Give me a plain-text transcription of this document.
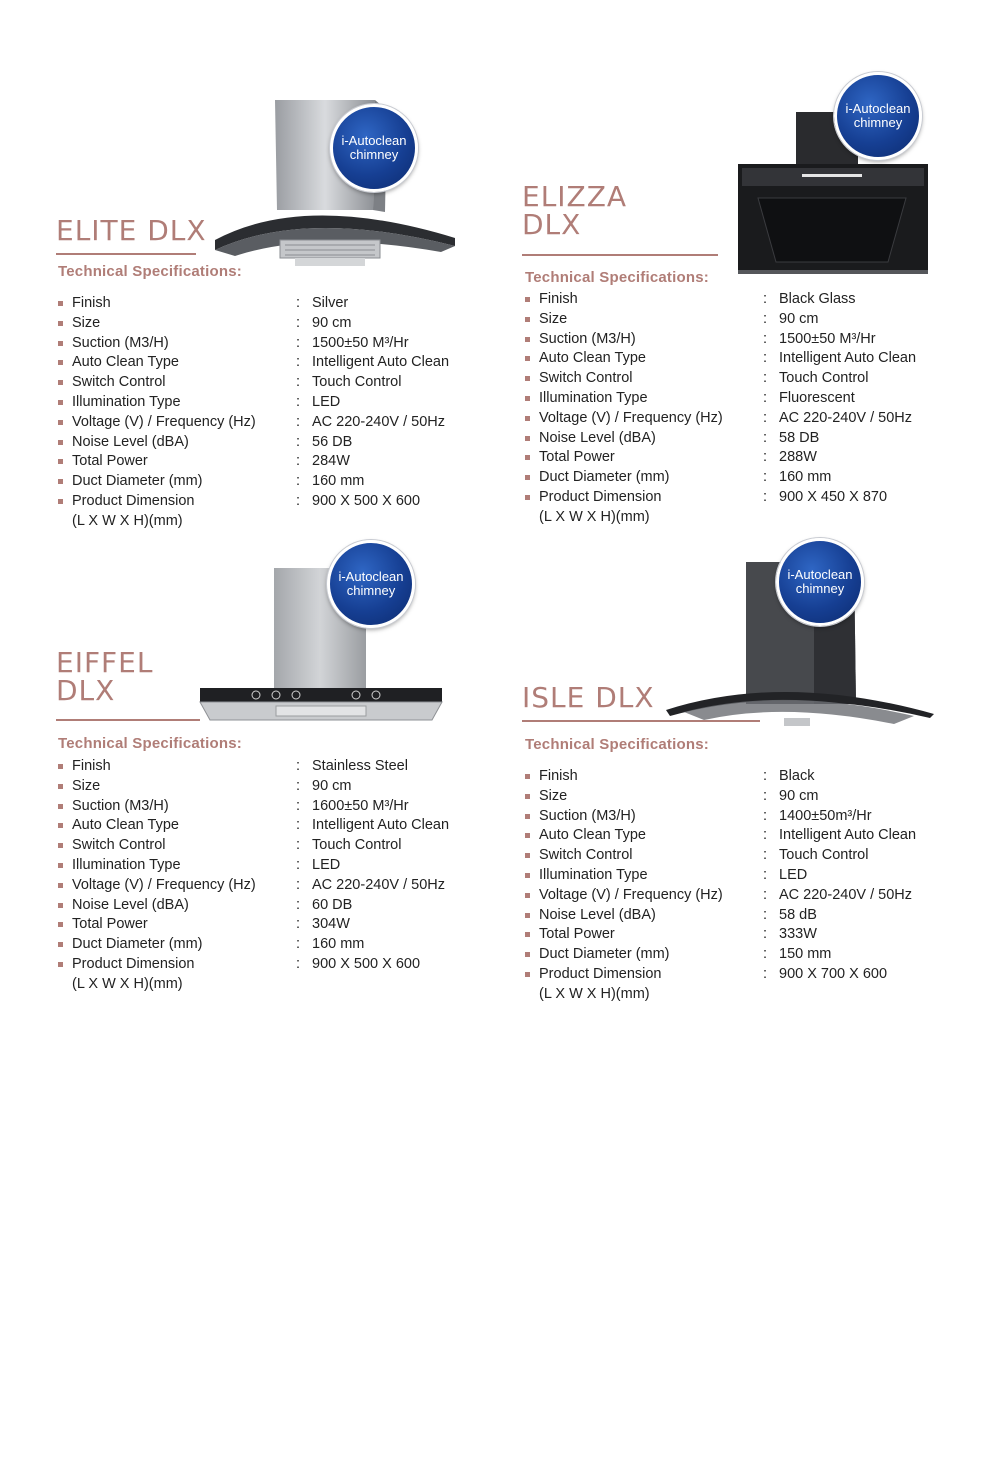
i-Autoclean
chimney
ELITE DLX
Technical Specifications:
Finish	: Silver
Size	: 90 cm
Suction (M3/H)	: 1500±50 M³/Hr
Auto Clean Type	: Intelligent Auto Clean
Switch Control	: Touch Control
Illumination Type	: LED
Voltage (V) / Frequency (Hz)	: AC 220-240V / 50Hz
Noise Level (dBA)	: 56 DB
Total Power	: 284W
Duct Diameter (mm)	: 160 mm
Product Dimension	: 900 X 500 X 600
(L X W X H)(mm)
i-Autoclean
chimney
ELIZZA
DLX
Technical Specifications:
Finish	: Black Glass
Size	: 90 cm
Suction (M3/H)	: 1500±50 M³/Hr
Auto Clean Type	: Intelligent Auto Clean
Switch Control	: Touch Control
Illumination Type	: Fluorescent
Voltage (V) / Frequency (Hz)	: AC 220-240V / 50Hz
Noise Level (dBA)	: 58 DB
Total Power	: 288W
Duct Diameter (mm)	: 160 mm
Product Dimension	: 900 X 450 X 870
(L X W X H)(mm)
i-Autoclean
chimney
EIFFEL
DLX
Technical Specifications:
Finish	: Stainless Steel
Size	: 90 cm
Suction (M3/H)	: 1600±50 M³/Hr
Auto Clean Type	: Intelligent Auto Clean
Switch Control	: Touch Control
Illumination Type	: LED
Voltage (V) / Frequency (Hz)	: AC 220-240V / 50Hz
Noise Level (dBA)	: 60 DB
Total Power	: 304W
Duct Diameter (mm)	: 160 mm
Product Dimension	: 900 X 500 X 600
(L X W X H)(mm)
i-Autoclean
chimney
ISLE DLX
Technical Specifications:
Finish	: Black
Size	: 90 cm
Suction (M3/H)	: 1400±50m³/Hr
Auto Clean Type	: Intelligent Auto Clean
Switch Control	: Touch Control
Illumination Type	: LED
Voltage (V) / Frequency (Hz)	: AC 220-240V / 50Hz
Noise Level (dBA)	: 58 dB
Total Power	: 333W
Duct Diameter (mm)	: 150 mm
Product Dimension	: 900 X 700 X 600
(L X W X H)(mm)
